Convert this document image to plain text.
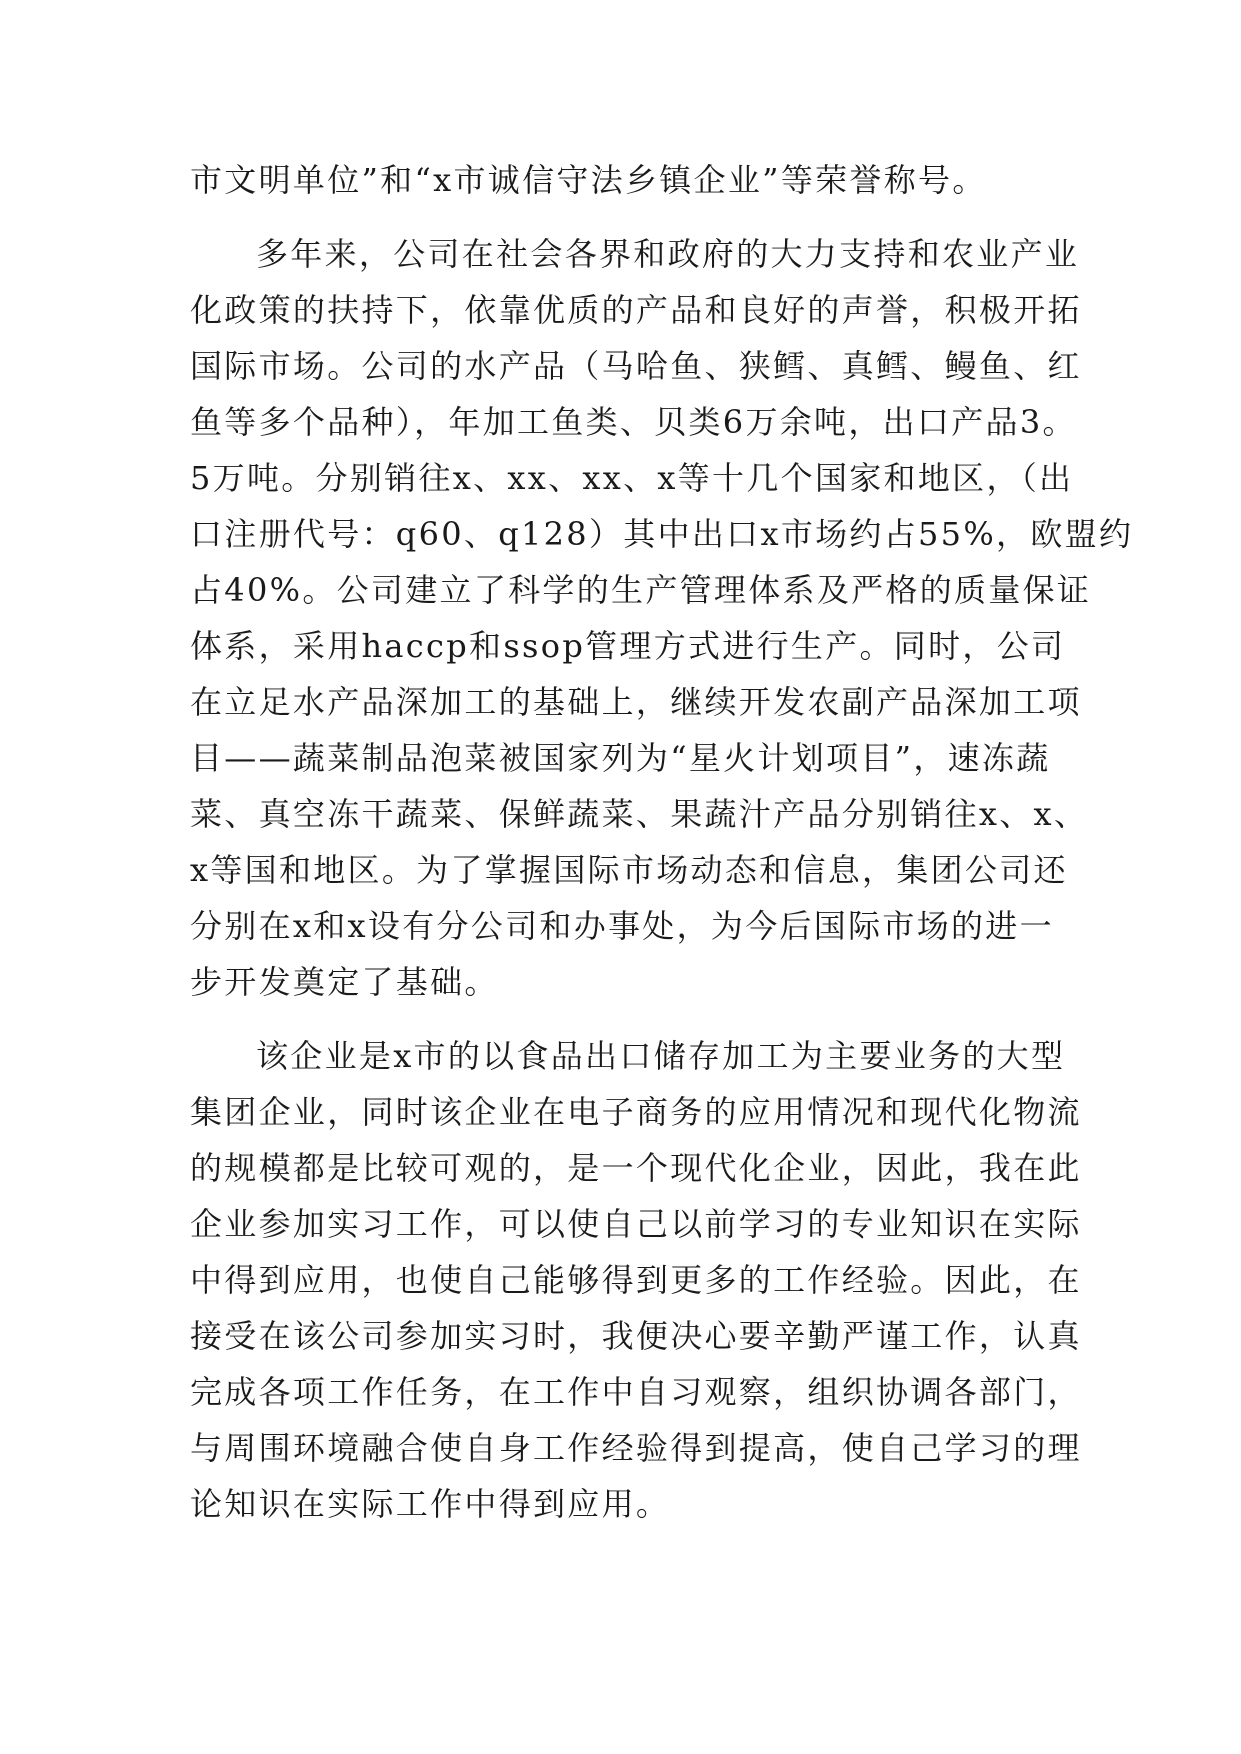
市文明单位”和“x市诚信守法乡镇企业”等荣誉称号。
多年来，公司在社会各界和政府的大力支持和农业产业
化政策的扶持下，依靠优质的产品和良好的声誉，积极开拓
国际市场。公司的水产品（马哈鱼、狭鳕、真鳕、鳗鱼、红
鱼等多个品种），年加工鱼类、贝类6万余吨，出口产品3。
5万吨。分别销往x、xx、xx、x等十几个国家和地区，（出
口注册代号：q60、q128）其中出口x市场约占55%，欧盟约
占40%。公司建立了科学的生产管理体系及严格的质量保证
体系，采用haccp和ssop管理方式进行生产。同时，公司
在立足水产品深加工的基础上，继续开发农副产品深加工项
目——蔬菜制品泡菜被国家列为“星火计划项目”，速冻蔬
菜、真空冻干蔬菜、保鲜蔬菜、果蔬汁产品分别销往x、x、
x等国和地区。为了掌握国际市场动态和信息，集团公司还
分别在x和x设有分公司和办事处，为今后国际市场的进一
步开发奠定了基础。
该企业是x市的以食品出口储存加工为主要业务的大型
集团企业，同时该企业在电子商务的应用情况和现代化物流
的规模都是比较可观的，是一个现代化企业，因此，我在此
企业参加实习工作，可以使自己以前学习的专业知识在实际
中得到应用，也使自己能够得到更多的工作经验。因此，在
接受在该公司参加实习时，我便决心要辛勤严谨工作，认真
完成各项工作任务，在工作中自习观察，组织协调各部门，
与周围环境融合使自身工作经验得到提高，使自己学习的理
论知识在实际工作中得到应用。
